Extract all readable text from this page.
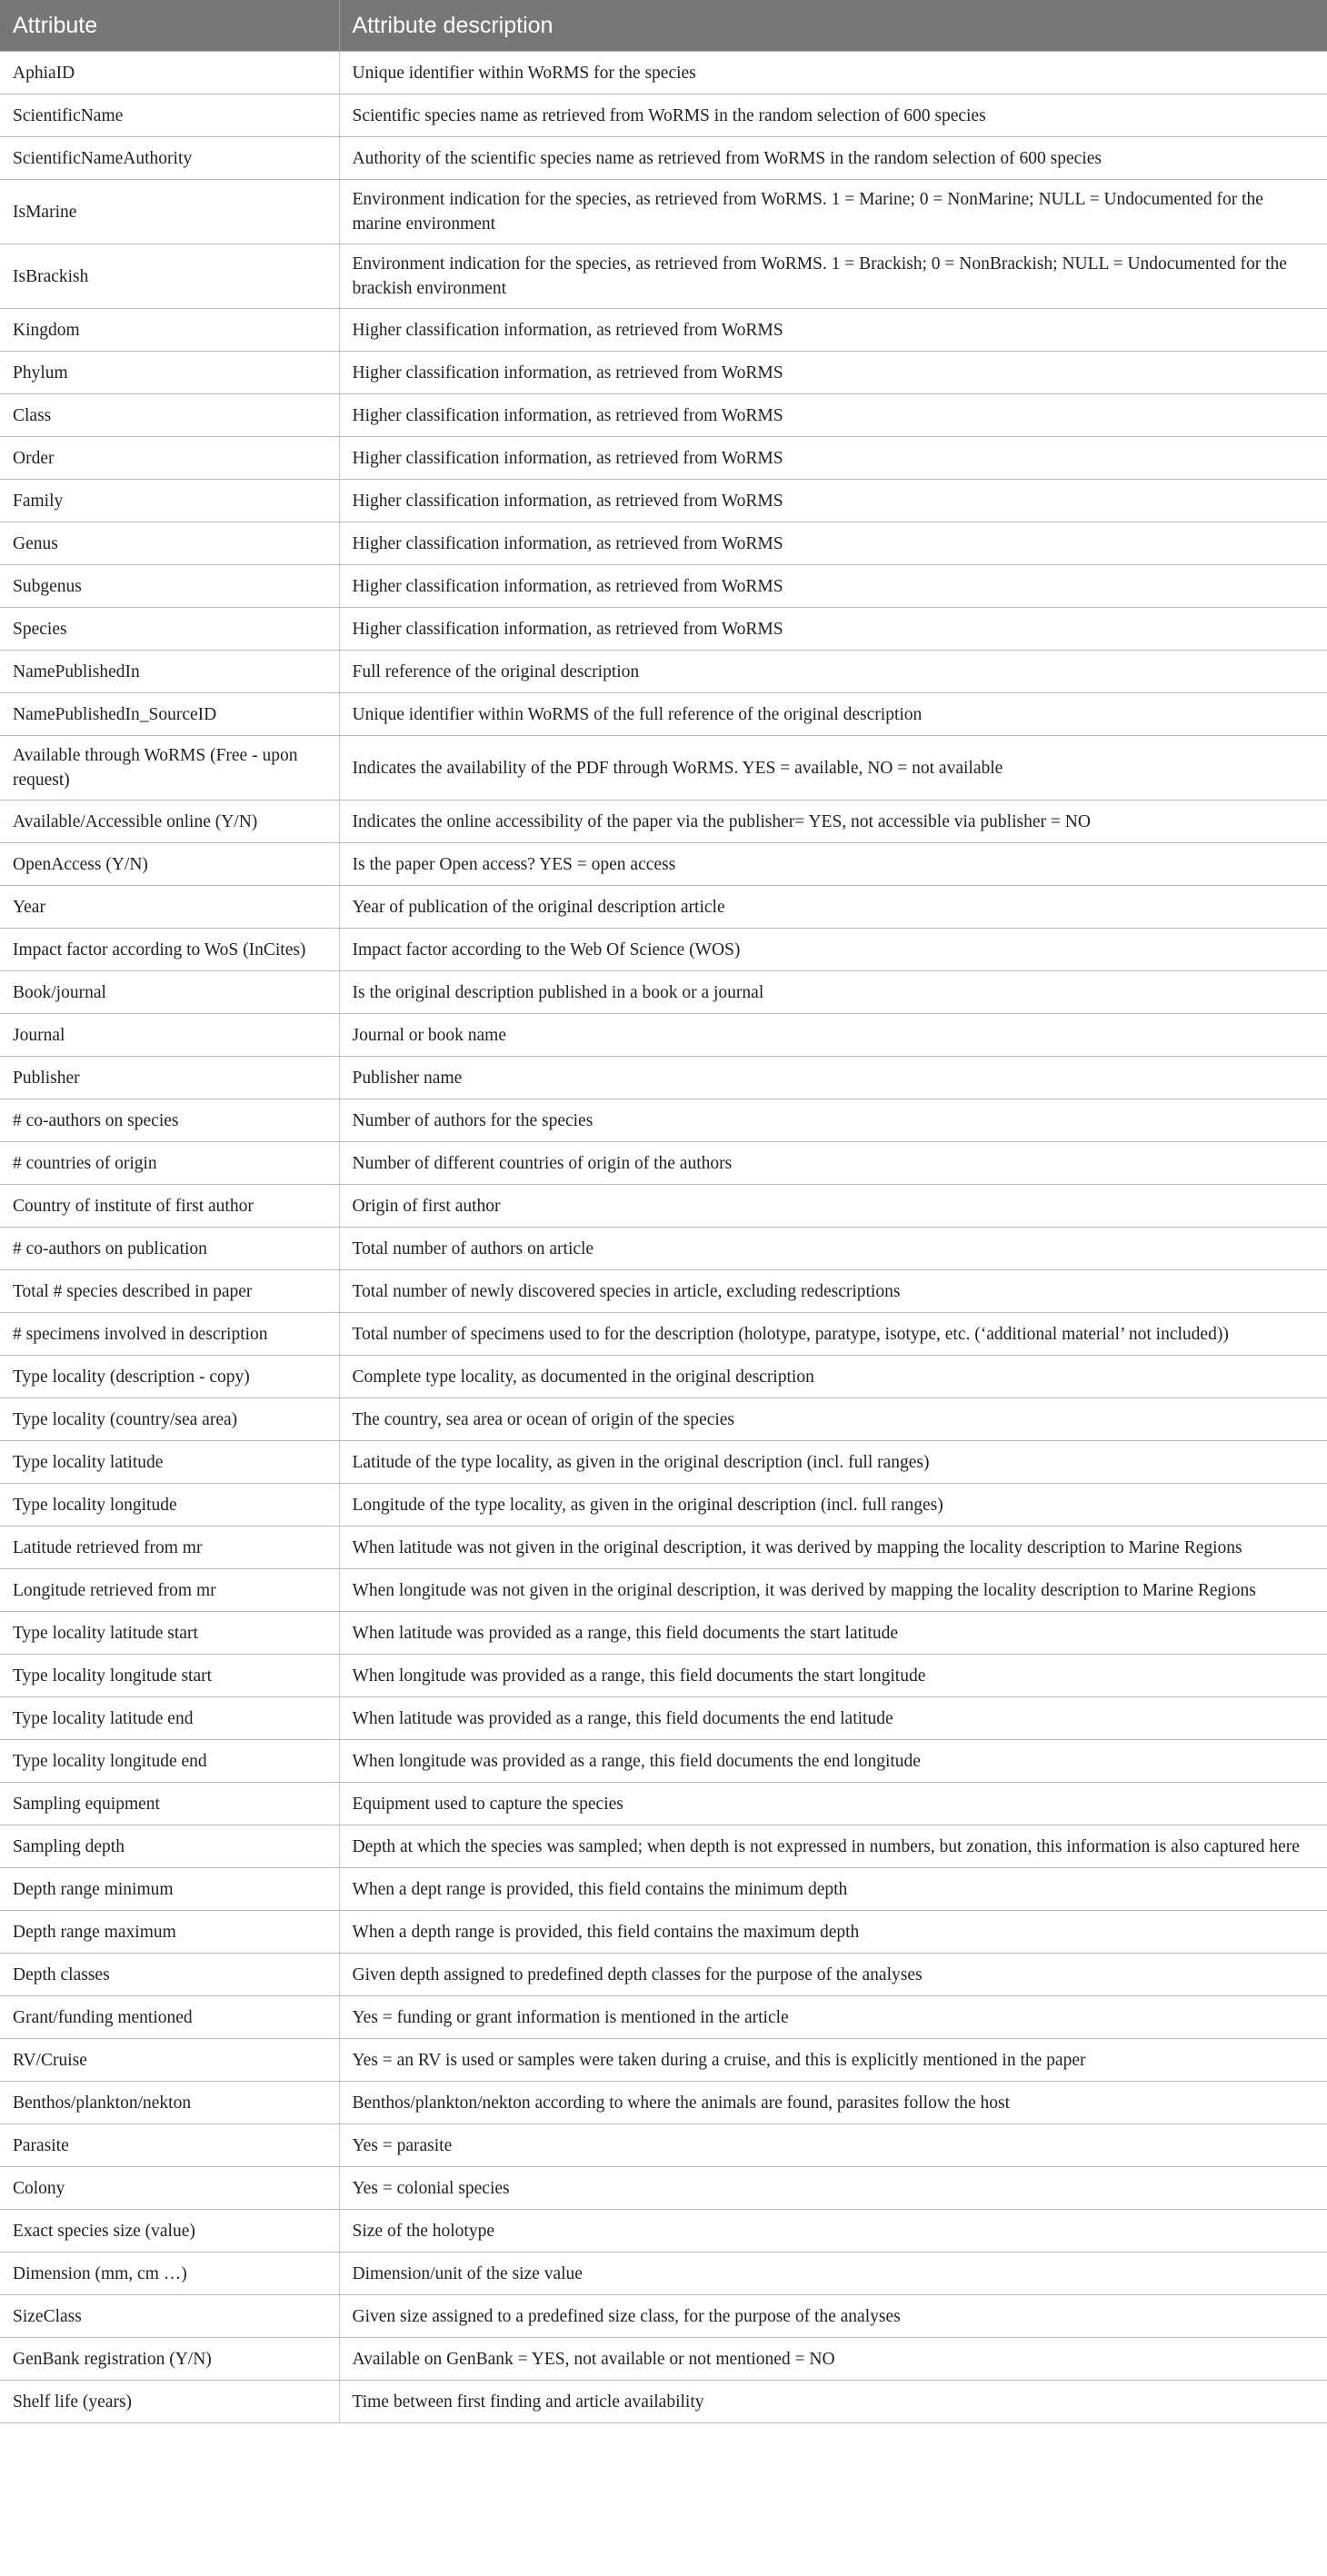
Attribute	Attribute description
AphiaID	Unique identifier within WoRMS for the species
ScientificName	Scientific species name as retrieved from WoRMS in the random selection of 600 species
ScientificNameAuthority	Authority of the scientific species name as retrieved from WoRMS in the random selection of 600 species
IsMarine	Environment indication for the species, as retrieved from WoRMS. 1 = Marine; 0 = NonMarine; NULL = Undocumented for the marine environment
IsBrackish	Environment indication for the species, as retrieved from WoRMS. 1 = Brackish; 0 = NonBrackish; NULL = Undocumented for the brackish environment
Kingdom	Higher classification information, as retrieved from WoRMS
Phylum	Higher classification information, as retrieved from WoRMS
Class	Higher classification information, as retrieved from WoRMS
Order	Higher classification information, as retrieved from WoRMS
Family	Higher classification information, as retrieved from WoRMS
Genus	Higher classification information, as retrieved from WoRMS
Subgenus	Higher classification information, as retrieved from WoRMS
Species	Higher classification information, as retrieved from WoRMS
NamePublishedIn	Full reference of the original description
NamePublishedIn_SourceID	Unique identifier within WoRMS of the full reference of the original description
Available through WoRMS (Free - upon request)	Indicates the availability of the PDF through WoRMS. YES = available, NO = not available
Available/Accessible online (Y/N)	Indicates the online accessibility of the paper via the publisher= YES, not accessible via publisher = NO
OpenAccess (Y/N)	Is the paper Open access? YES = open access
Year	Year of publication of the original description article
Impact factor according to WoS (InCites)	Impact factor according to the Web Of Science (WOS)
Book/journal	Is the original description published in a book or a journal
Journal	Journal or book name
Publisher	Publisher name
# co-authors on species	Number of authors for the species
# countries of origin	Number of different countries of origin of the authors
Country of institute of first author	Origin of first author
# co-authors on publication	Total number of authors on article
Total # species described in paper	Total number of newly discovered species in article, excluding redescriptions
# specimens involved in description	Total number of specimens used to for the description (holotype, paratype, isotype, etc. (‘additional material’ not included))
Type locality (description - copy)	Complete type locality, as documented in the original description
Type locality (country/sea area)	The country, sea area or ocean of origin of the species
Type locality latitude	Latitude of the type locality, as given in the original description (incl. full ranges)
Type locality longitude	Longitude of the type locality, as given in the original description (incl. full ranges)
Latitude retrieved from mr	When latitude was not given in the original description, it was derived by mapping the locality description to Marine Regions
Longitude retrieved from mr	When longitude was not given in the original description, it was derived by mapping the locality description to Marine Regions
Type locality latitude start	When latitude was provided as a range, this field documents the start latitude
Type locality longitude start	When longitude was provided as a range, this field documents the start longitude
Type locality latitude end	When latitude was provided as a range, this field documents the end latitude
Type locality longitude end	When longitude was provided as a range, this field documents the end longitude
Sampling equipment	Equipment used to capture the species
Sampling depth	Depth at which the species was sampled; when depth is not expressed in numbers, but zonation, this information is also captured here
Depth range minimum	When a dept range is provided, this field contains the minimum depth
Depth range maximum	When a depth range is provided, this field contains the maximum depth
Depth classes	Given depth assigned to predefined depth classes for the purpose of the analyses
Grant/funding mentioned	Yes = funding or grant information is mentioned in the article
RV/Cruise	Yes = an RV is used or samples were taken during a cruise, and this is explicitly mentioned in the paper
Benthos/plankton/nekton	Benthos/plankton/nekton according to where the animals are found, parasites follow the host
Parasite	Yes = parasite
Colony	Yes = colonial species
Exact species size (value)	Size of the holotype
Dimension (mm, cm …)	Dimension/unit of the size value
SizeClass	Given size assigned to a predefined size class, for the purpose of the analyses
GenBank registration (Y/N)	Available on GenBank = YES, not available or not mentioned = NO
Shelf life (years)	Time between first finding and article availability
